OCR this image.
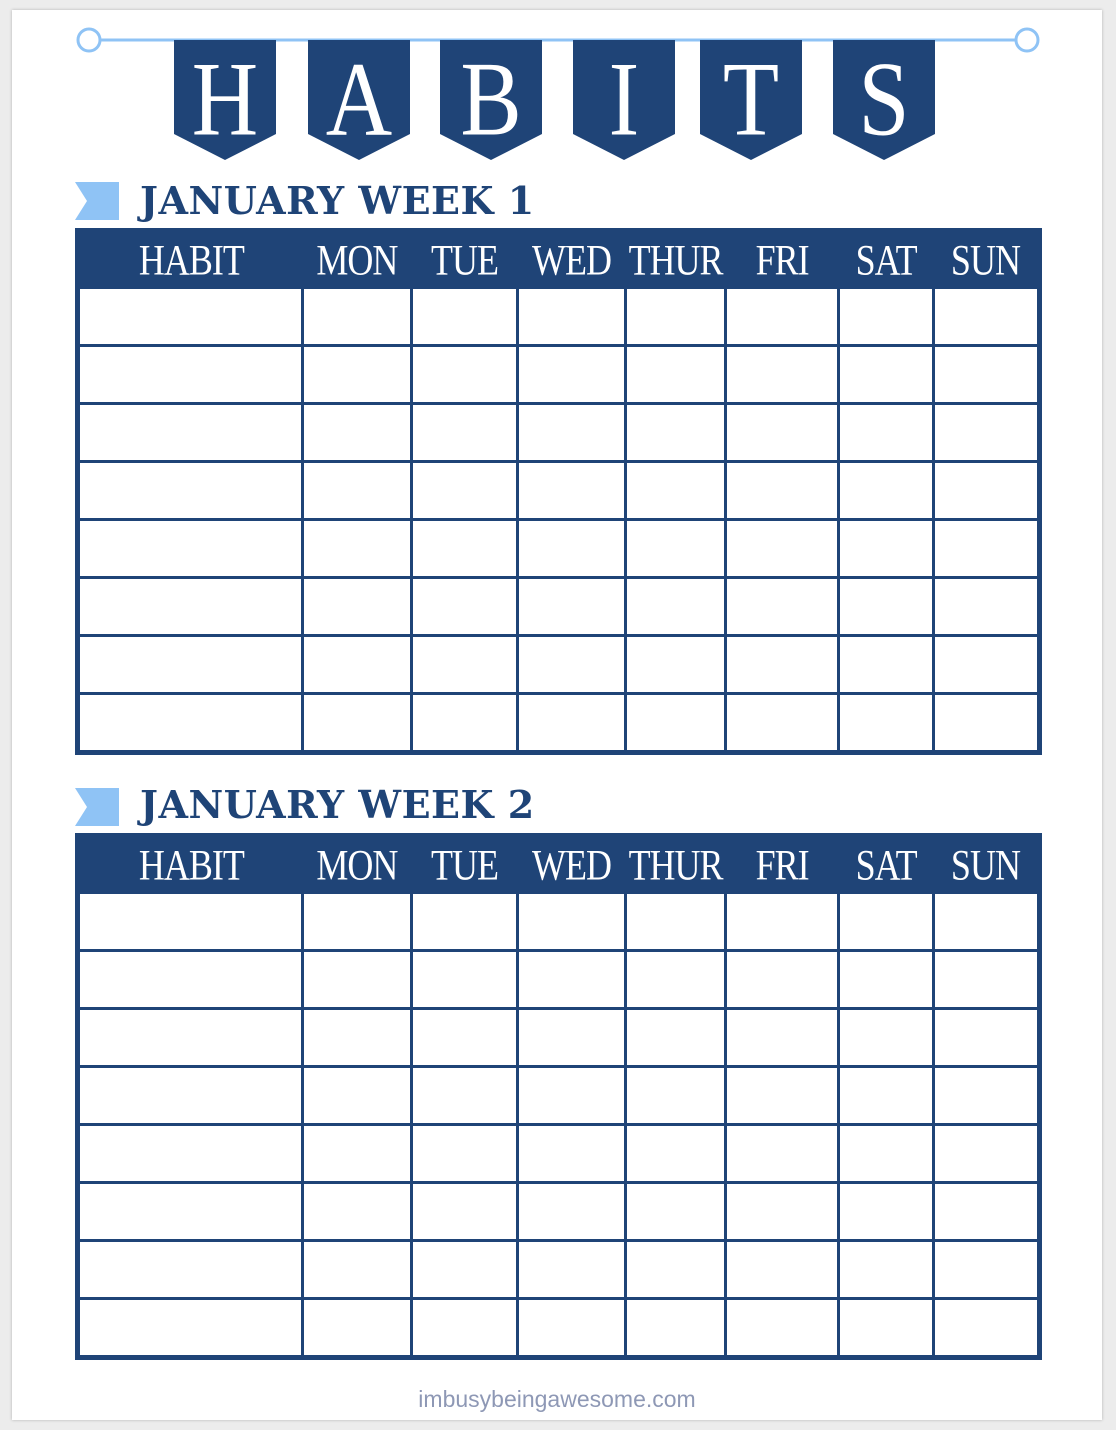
H A B I T S
JANUARY WEEK 1
HABIT	MON	TUE	WED	THUR	FRI	SAT	SUN

JANUARY WEEK 2
HABIT	MON	TUE	WED	THUR	FRI	SAT	SUN

imbusybeingawesome.com
